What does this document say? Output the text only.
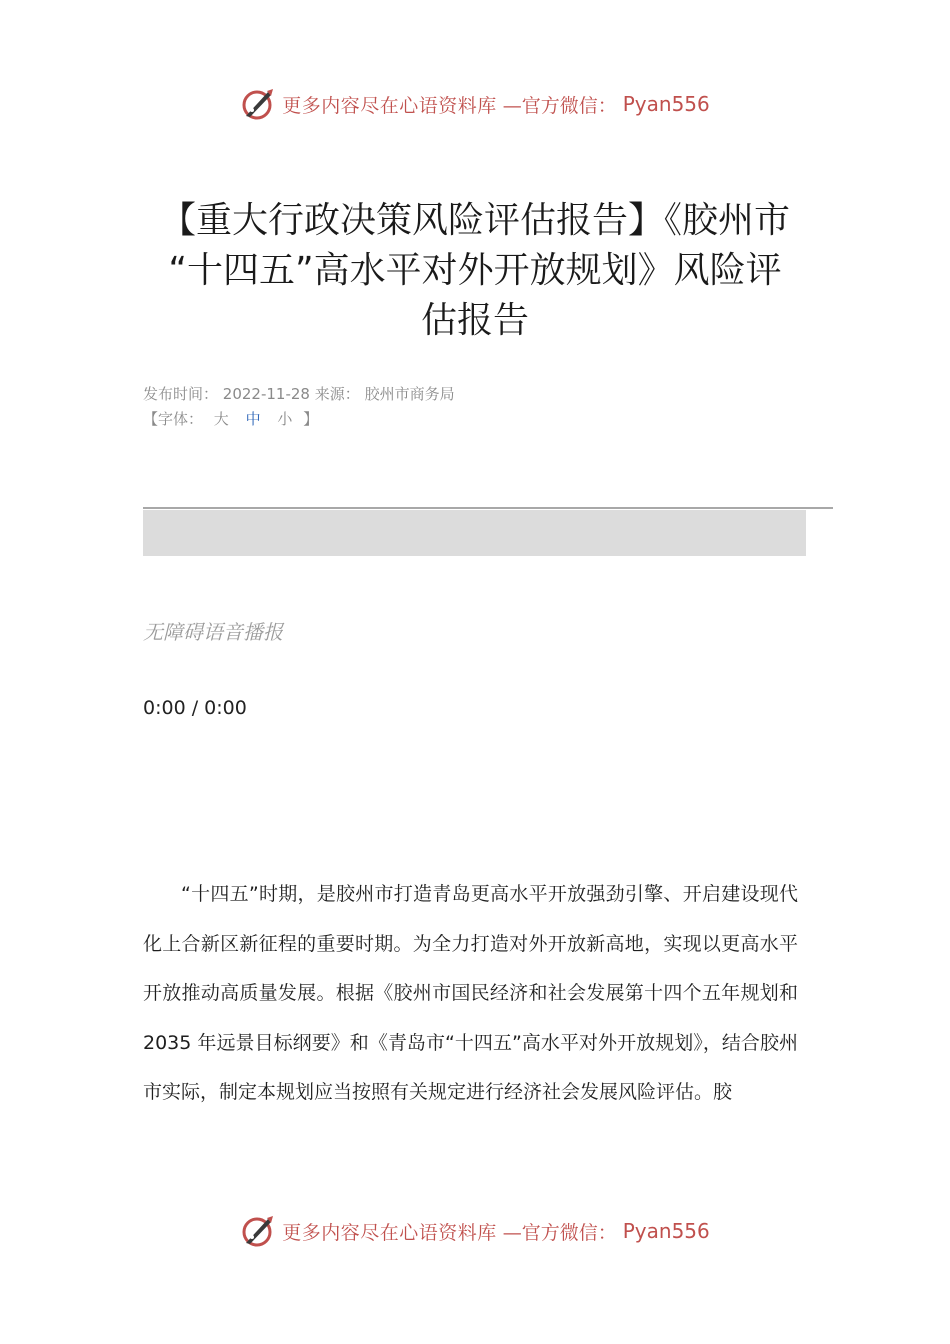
更多内容尽在心语资料库 —官方微信： Pyan556
【重大行政决策风险评估报告】《胶州市
“十四五”高水平对外开放规划》风险评
估报告
发布时间： 2022-11-28 来源： 胶州市商务局
【字体： 大 中 小 】
无障碍语音播报
0:00 / 0:00

“十四五”时期，是胶州市打造青岛更高水平开放强劲引擎、开启建设现代化上合新区新征程的重要时期。为全力打造对外开放新高地，实现以更高水平开放推动高质量发展。根据《胶州市国民经济和社会发展第十四个五年规划和 2035 年远景目标纲要》和《青岛市“十四五”高水平对外开放规划》，结合胶州市实际，制定本规划应当按照有关规定进行经济社会发展风险评估。胶

更多内容尽在心语资料库 —官方微信： Pyan556
